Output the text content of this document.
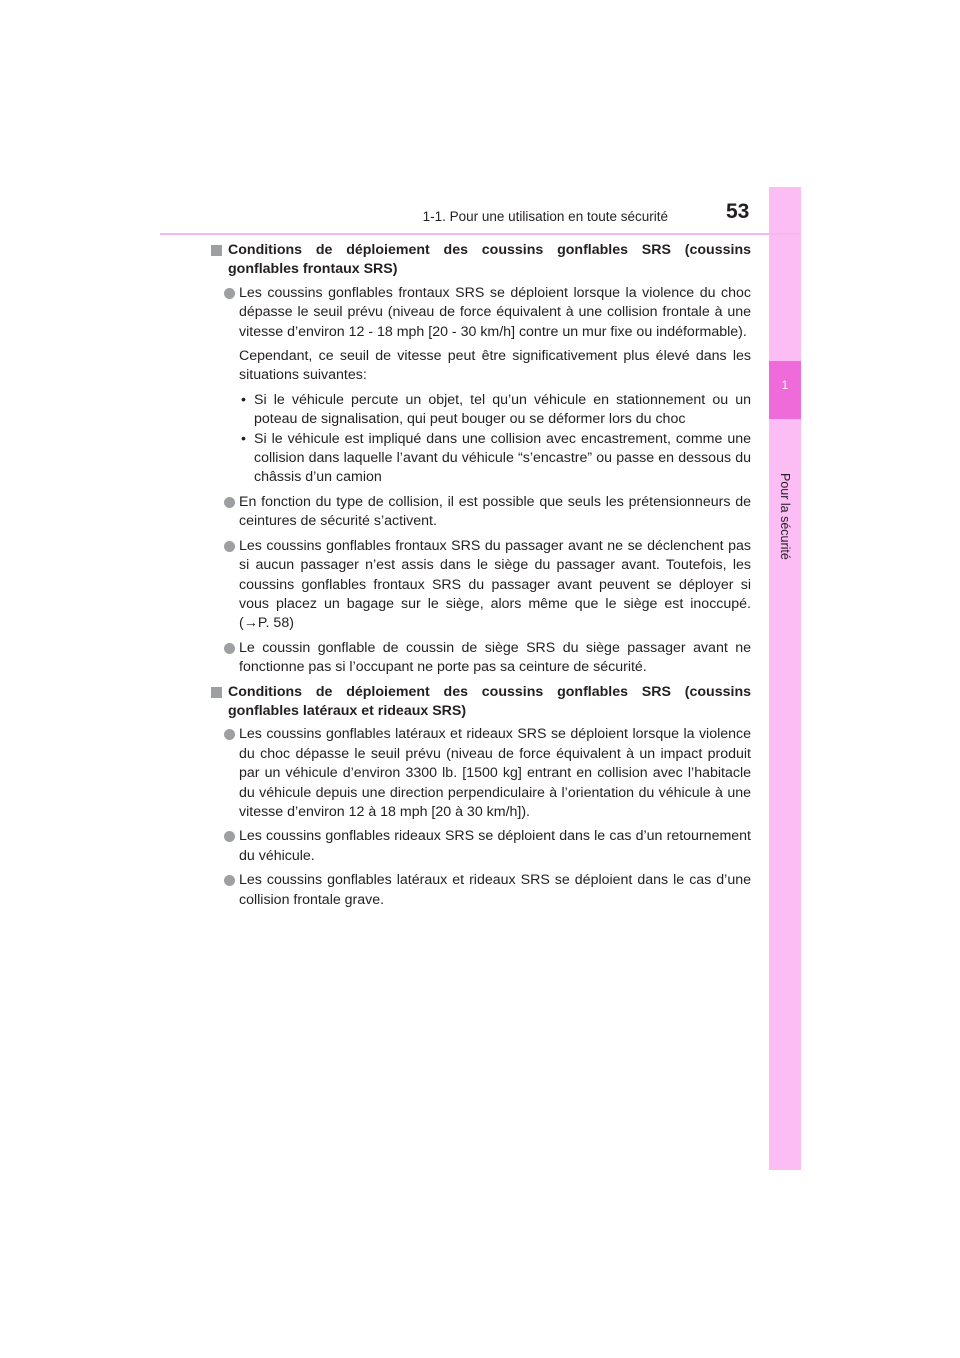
1
Pour la sécurité
1-1. Pour une utilisation en toute sécurité	53
Conditions de déploiement des coussins gonflables SRS (coussins gonflables frontaux SRS)
Les coussins gonflables frontaux SRS se déploient lorsque la violence du choc dépasse le seuil prévu (niveau de force équivalent à une collision frontale à une vitesse d’environ 12 - 18 mph [20 - 30 km/h] contre un mur fixe ou indéformable).
Cependant, ce seuil de vitesse peut être significativement plus élevé dans les situations suivantes:
• Si le véhicule percute un objet, tel qu’un véhicule en stationnement ou un poteau de signalisation, qui peut bouger ou se déformer lors du choc
• Si le véhicule est impliqué dans une collision avec encastrement, comme une collision dans laquelle l’avant du véhicule “s’encastre” ou passe en dessous du châssis d’un camion
En fonction du type de collision, il est possible que seuls les prétensionneurs de ceintures de sécurité s’activent.
Les coussins gonflables frontaux SRS du passager avant ne se déclenchent pas si aucun passager n’est assis dans le siège du passager avant. Toutefois, les coussins gonflables frontaux SRS du passager avant peuvent se déployer si vous placez un bagage sur le siège, alors même que le siège est inoccupé. (→P. 58)
Le coussin gonflable de coussin de siège SRS du siège passager avant ne fonctionne pas si l’occupant ne porte pas sa ceinture de sécurité.
Conditions de déploiement des coussins gonflables SRS (coussins gonflables latéraux et rideaux SRS)
Les coussins gonflables latéraux et rideaux SRS se déploient lorsque la violence du choc dépasse le seuil prévu (niveau de force équivalent à un impact produit par un véhicule d’environ 3300 lb. [1500 kg] entrant en collision avec l’habitacle du véhicule depuis une direction perpendiculaire à l’orientation du véhicule à une vitesse d’environ 12 à 18 mph [20 à 30 km/h]).
Les coussins gonflables rideaux SRS se déploient dans le cas d’un retournement du véhicule.
Les coussins gonflables latéraux et rideaux SRS se déploient dans le cas d’une collision frontale grave.
